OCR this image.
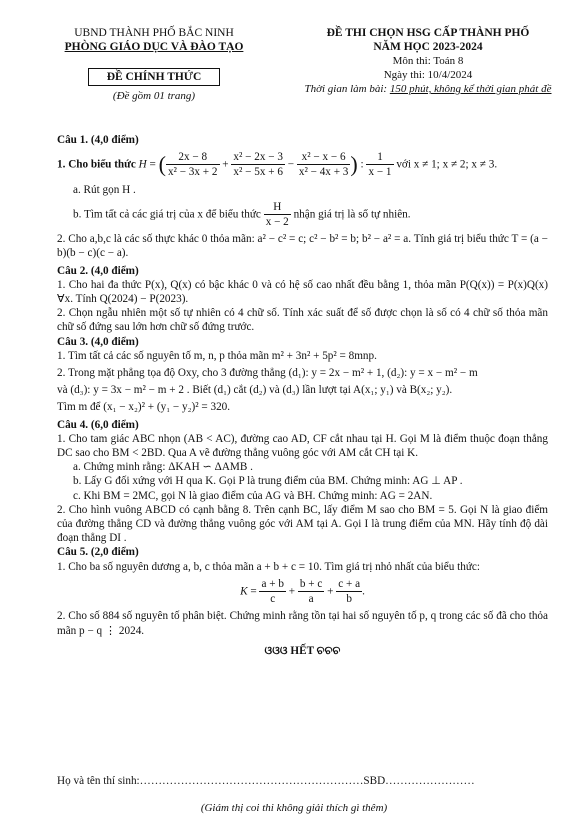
UBND THÀNH PHỐ BẮC NINH
PHÒNG GIÁO DỤC VÀ ĐÀO TẠO
ĐỀ CHÍNH THỨC
(Đề gồm 01 trang)
ĐỀ THI CHỌN HSG CẤP THÀNH PHỐ
NĂM HỌC 2023-2024
Môn thi: Toán 8
Ngày thi: 10/4/2024
Thời gian làm bài: 150 phút, không kể thời gian phát đề

Câu 1. (4,0 điểm)

1. Cho biểu thức H = ( $\frac{2x - 8}{\text{x² − 3x + 2}} + \frac{\text{x² − 2x − 3}}{\text{x² − 5x + 6}} - \frac{\text{x² − x − 6}}{\text{x² − 4x + 3}}$ ) : $\frac{1}{x - 1}$ với x ≠ 1; x ≠ 2; x ≠ 3.

a. Rút gọn H .

b. Tìm tất cả các giá trị của x để biểu thức $\frac{H}{x - 2}$ nhận giá trị là số tự nhiên.

2. Cho a,b,c là các số thực khác 0 thỏa mãn: a² − c² = c; c² − b² = b; b² − a² = a. Tính giá trị biểu thức T = (a − b)(b − c)(c − a).

Câu 2. (4,0 điểm)

1. Cho hai đa thức P(x), Q(x) có bậc khác 0 và có hệ số cao nhất đều bằng 1, thỏa mãn P(Q(x)) = P(x)Q(x) ∀x. Tính Q(2024) − P(2023).

2. Chọn ngẫu nhiên một số tự nhiên có 4 chữ số. Tính xác suất để số được chọn là số có 4 chữ số thỏa mãn chữ số đứng sau lớn hơn chữ số đứng trước.

Câu 3. (4,0 điểm)

1. Tìm tất cả các số nguyên tố m, n, p thỏa mãn m² + 3n² + 5p² = 8mnp.

2. Trong mặt phẳng tọa độ Oxy, cho 3 đường thẳng (d₁): y = 2x − m² + 1, (d₂): y = x − m² − m

và (d₃): y = 3x − m² − m + 2 . Biết (d₁) cắt (d₂) và (d₃) lần lượt tại A(x₁; y₁) và B(x₂; y₂).

Tìm m để (x₁ − x₂)² + (y₁ − y₂)² = 320.

Câu 4. (6,0 điểm)

1. Cho tam giác ABC nhọn (AB < AC), đường cao AD, CF cắt nhau tại H. Gọi M là điểm thuộc đoạn thẳng DC sao cho BM < 2BD. Qua A vẽ đường thẳng vuông góc với AM cắt CH tại K.

a. Chứng minh rằng: ΔKAH ∽ ΔAMB .

b. Lấy G đối xứng với H qua K. Gọi P là trung điểm của BM. Chứng minh: AG ⊥ AP .

c. Khi BM = 2MC, gọi N là giao điểm của AG và BH. Chứng minh: AG = 2AN.

2. Cho hình vuông ABCD có cạnh bằng 8. Trên cạnh BC, lấy điểm M sao cho BM = 5. Gọi N là giao điểm của đường thẳng CD và đường thẳng vuông góc với AM tại A. Gọi I là trung điểm của MN. Hãy tính độ dài đoạn thẳng DI .

Câu 5. (2,0 điểm)

1. Cho ba số nguyên dương a, b, c thỏa mãn a + b + c = 10. Tìm giá trị nhỏ nhất của biểu thức:

$K = \frac{a + b}{c} + \frac{b + c}{a} + \frac{c + a}{b}$ .

2. Cho số 884 số nguyên tố phân biệt. Chứng minh rằng tồn tại hai số nguyên tố p, q trong các số đã cho thỏa mãn p − q ⋮ 2024.

ଓଓଓ HẾT ଚଚଚ

Họ và tên thí sinh:……………………………………………………SBD……………………
(Giám thị coi thi không giải thích gì thêm)
